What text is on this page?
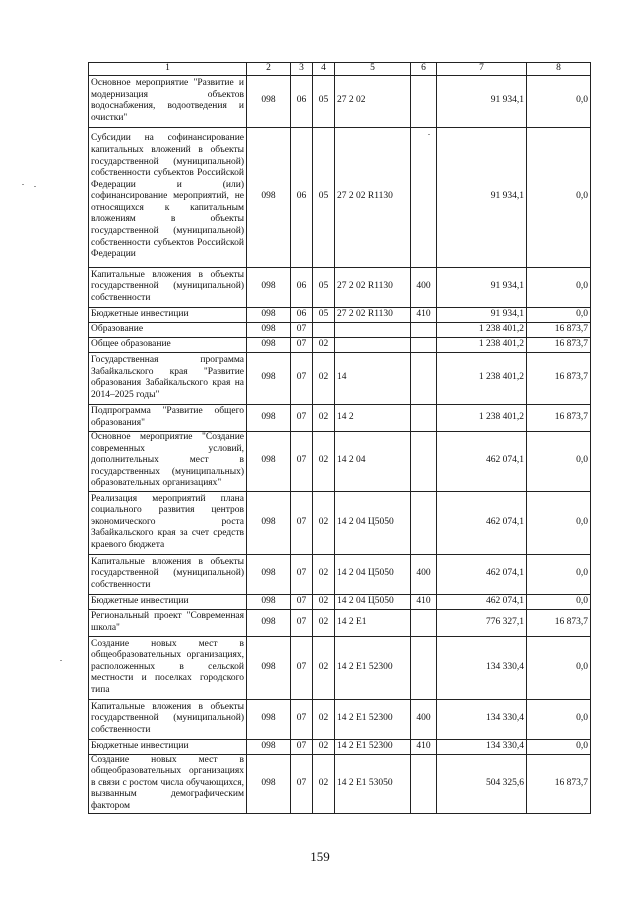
1	2	3	4	5	6	7	8
Основное мероприятие "Развитие и модернизация объектов водоснабжения, водоотведения и очистки"	098	06	05	27 2 02		91 934,1	0,0
Субсидии на софинансирование капитальных вложений в объекты государственной (муниципальной) собственности субъектов Российской Федерации и (или) софинансирование мероприятий, не относящихся к капитальным вложениям в объекты государственной (муниципальной) собственности субъектов Российской Федерации	098	06	05	27 2 02 R1130		91 934,1	0,0
Капитальные вложения в объекты государственной (муниципальной) собственности	098	06	05	27 2 02 R1130	400	91 934,1	0,0
Бюджетные инвестиции	098	06	05	27 2 02 R1130	410	91 934,1	0,0
Образование	098	07				1 238 401,2	16 873,7
Общее образование	098	07	02			1 238 401,2	16 873,7
Государственная программа Забайкальского края "Развитие образования Забайкальского края на 2014–2025 годы"	098	07	02	14		1 238 401,2	16 873,7
Подпрограмма "Развитие общего образования"	098	07	02	14 2		1 238 401,2	16 873,7
Основное мероприятие "Создание современных условий, дополнительных мест в государственных (муниципальных) образовательных организациях"	098	07	02	14 2 04		462 074,1	0,0
Реализация мероприятий плана социального развития центров экономического роста Забайкальского края за счет средств краевого бюджета	098	07	02	14 2 04 Ц5050		462 074,1	0,0
Капитальные вложения в объекты государственной (муниципальной) собственности	098	07	02	14 2 04 Ц5050	400	462 074,1	0,0
Бюджетные инвестиции	098	07	02	14 2 04 Ц5050	410	462 074,1	0,0
Региональный проект "Современная школа"	098	07	02	14 2 E1		776 327,1	16 873,7
Создание новых мест в общеобразовательных организациях, расположенных в сельской местности и поселках городского типа	098	07	02	14 2 E1 52300		134 330,4	0,0
Капитальные вложения в объекты государственной (муниципальной) собственности	098	07	02	14 2 E1 52300	400	134 330,4	0,0
Бюджетные инвестиции	098	07	02	14 2 E1 52300	410	134 330,4	0,0
Создание новых мест в общеобразовательных организациях в связи с ростом числа обучающихся, вызванным демографическим фактором	098	07	02	14 2 E1 53050		504 325,6	16 873,7
159
